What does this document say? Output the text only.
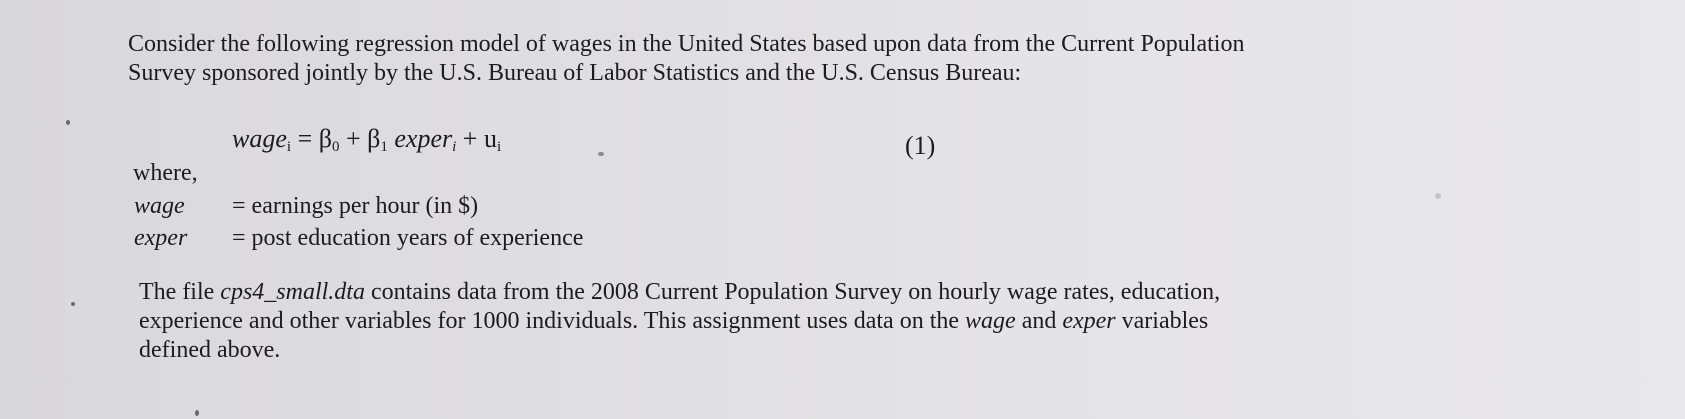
Consider the following regression model of wages in the United States based upon data from the Current Population
Survey sponsored jointly by the U.S. Bureau of Labor Statistics and the U.S. Census Bureau:
wage$_i$ = $\beta_0 + \beta_1$ exper$_i$ + $u_i$	(1)
where,
wage = earnings per hour (in $)
exper = post education years of experience
The file cps4_small.dta contains data from the 2008 Current Population Survey on hourly wage rates, education,
experience and other variables for 1000 individuals. This assignment uses data on the wage and exper variables
defined above.
